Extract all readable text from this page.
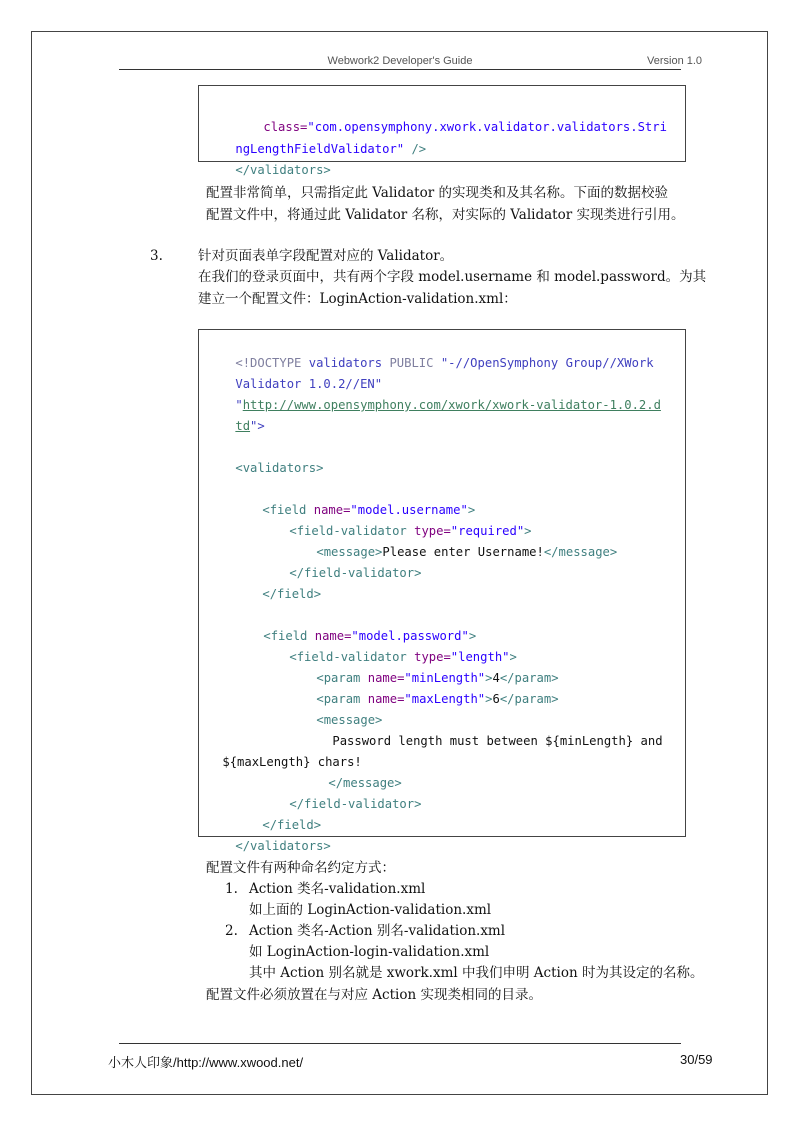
Webwork2 Developer's Guide	Version 1.0

class="com.opensymphony.xwork.validator.validators.Stri

ngLengthFieldValidator" />

</validators>

配置非常简单，只需指定此 Validator 的实现类和及其名称。下面的数据校验
配置文件中，将通过此 Validator 名称，对实际的 Validator 实现类进行引用。
3.	针对页面表单字段配置对应的 Validator。
在我们的登录页面中，共有两个字段 model.username 和 model.password。为其
建立一个配置文件：LoginAction-validation.xml：

<!DOCTYPE validators PUBLIC "-//OpenSymphony Group//XWork

Validator 1.0.2//EN"

"http://www.opensymphony.com/xwork/xwork-validator-1.0.2.d

td">

<validators>

<field name="model.username">

<field-validator type="required">

<message>Please enter Username!</message>

</field-validator>

</field>

<field name="model.password">

<field-validator type="length">

<param name="minLength">4</param>

<param name="maxLength">6</param>

<message>

Password length must between ${minLength} and

${maxLength} chars!

</message>

</field-validator>

</field>

</validators>

配置文件有两种命名约定方式：
1. Action 类名-validation.xml
如上面的 LoginAction-validation.xml
2. Action 类名-Action 别名-validation.xml
如 LoginAction-login-validation.xml
其中 Action 别名就是 xwork.xml 中我们申明 Action 时为其设定的名称。
配置文件必须放置在与对应 Action 实现类相同的目录。
小木人印象/http://www.xwood.net/	30/59
